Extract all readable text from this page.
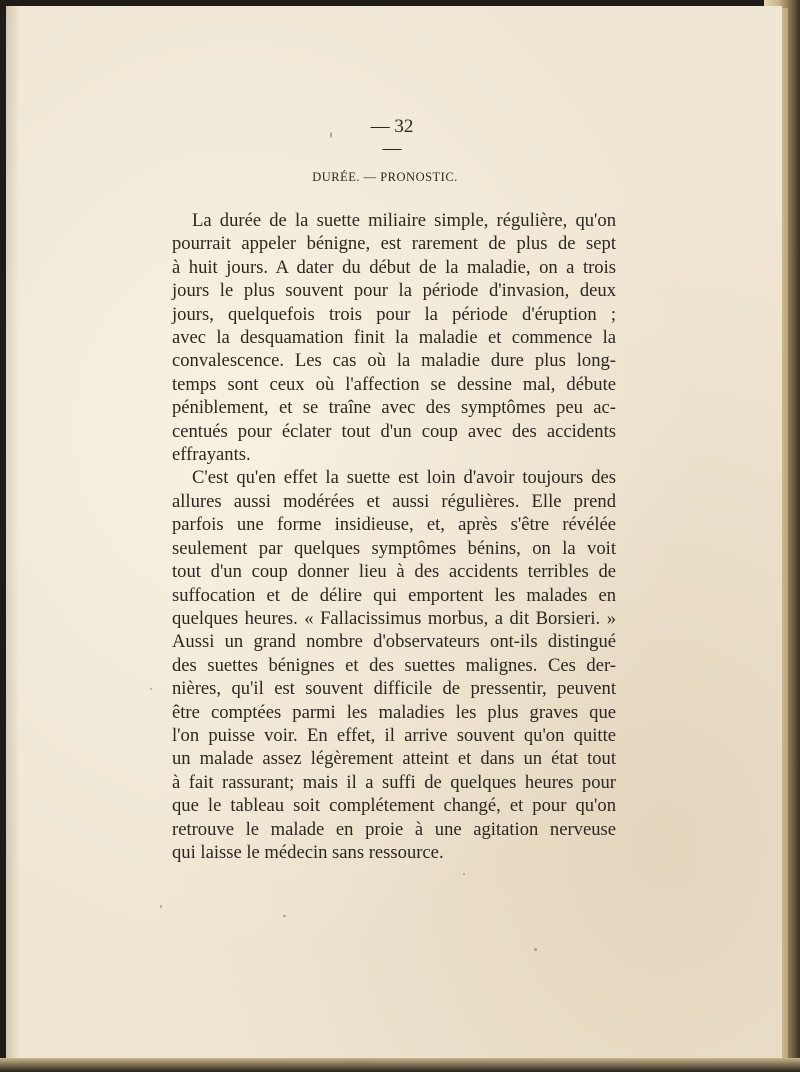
— 32 —
DURÉE. — PRONOSTIC.
La durée de la suette miliaire simple, régulière, qu'on
pourrait appeler bénigne, est rarement de plus de sept
à huit jours. A dater du début de la maladie, on a trois
jours le plus souvent pour la période d'invasion, deux
jours, quelquefois trois pour la période d'éruption ;
avec la desquamation finit la maladie et commence la
convalescence. Les cas où la maladie dure plus long-
temps sont ceux où l'affection se dessine mal, débute
péniblement, et se traîne avec des symptômes peu ac-
centués pour éclater tout d'un coup avec des accidents
effrayants.
C'est qu'en effet la suette est loin d'avoir toujours des
allures aussi modérées et aussi régulières. Elle prend
parfois une forme insidieuse, et, après s'être révélée
seulement par quelques symptômes bénins, on la voit
tout d'un coup donner lieu à des accidents terribles de
suffocation et de délire qui emportent les malades en
quelques heures. « Fallacissimus morbus, a dit Borsieri. »
Aussi un grand nombre d'observateurs ont-ils distingué
des suettes bénignes et des suettes malignes. Ces der-
nières, qu'il est souvent difficile de pressentir, peuvent
être comptées parmi les maladies les plus graves que
l'on puisse voir. En effet, il arrive souvent qu'on quitte
un malade assez légèrement atteint et dans un état tout
à fait rassurant; mais il a suffi de quelques heures pour
que le tableau soit complétement changé, et pour qu'on
retrouve le malade en proie à une agitation nerveuse
qui laisse le médecin sans ressource.
